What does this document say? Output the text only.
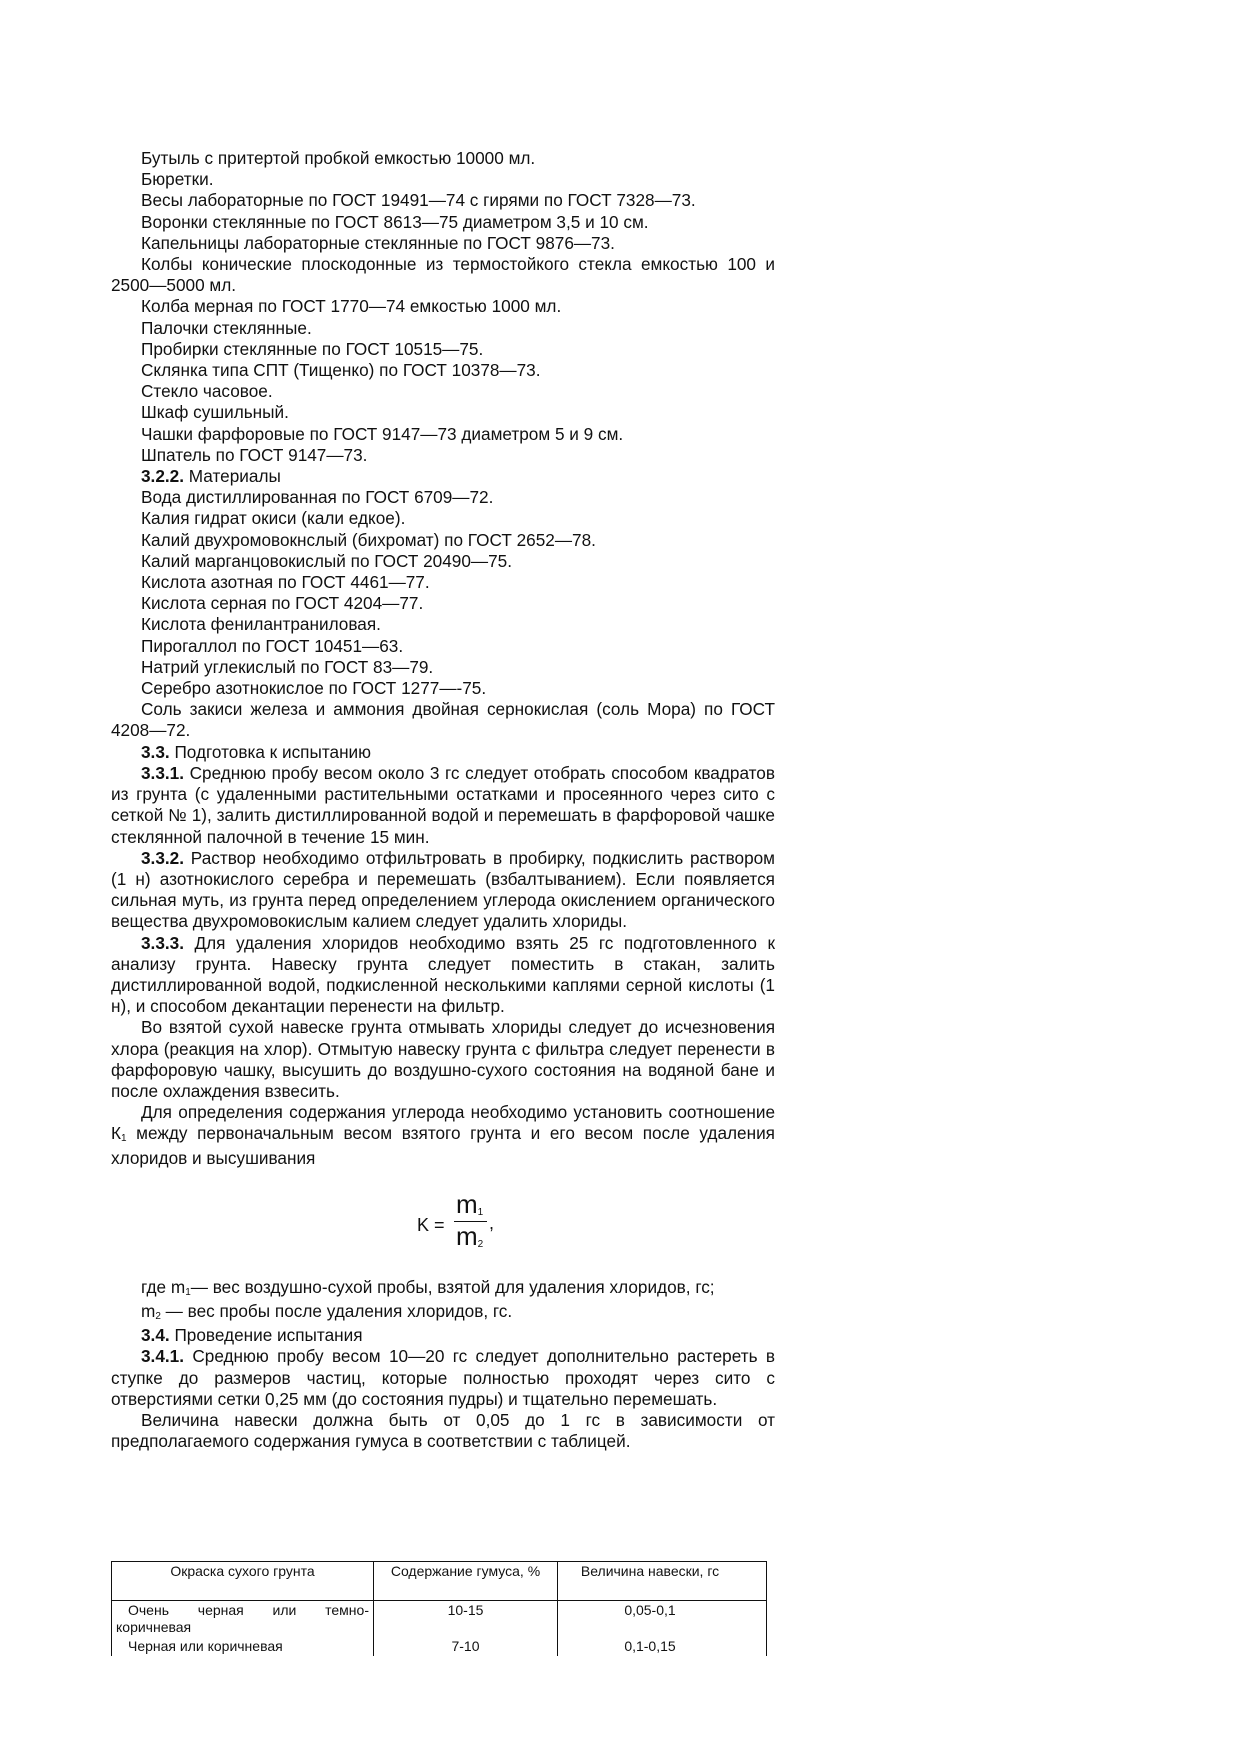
Бутыль с притертой пробкой емкостью 10000 мл.

Бюретки.

Весы лабораторные по ГОСТ 19491—74 с гирями по ГОСТ 7328—73.

Воронки стеклянные по ГОСТ 8613—75 диаметром 3,5 и 10 см.

Капельницы лабораторные стеклянные по ГОСТ 9876—73.

Колбы конические плоскодонные из термостойкого стекла емкостью 100 и 2500—5000 мл.

Колба мерная по ГОСТ 1770—74 емкостью 1000 мл.

Палочки стеклянные.

Пробирки стеклянные по ГОСТ 10515—75.

Склянка типа СПТ (Тищенко) по ГОСТ 10378—73.

Стекло часовое.

Шкаф сушильный.

Чашки фарфоровые по ГОСТ 9147—73 диаметром 5 и 9 см.

Шпатель по ГОСТ 9147—73.

3.2.2. Материалы

Вода дистиллированная по ГОСТ 6709—72.

Калия гидрат окиси (кали едкое).

Калий двухромовокнслый (бихромат) по ГОСТ 2652—78.

Калий марганцовокислый по ГОСТ 20490—75.

Кислота азотная по ГОСТ 4461—77.

Кислота серная по ГОСТ 4204—77.

Кислота фенилантраниловая.

Пирогаллол по ГОСТ 10451—63.

Натрий углекислый по ГОСТ 83—79.

Серебро азотнокислое по ГОСТ 1277—-75.

Соль закиси железа и аммония двойная сернокислая (соль Мора) по ГОСТ 4208—72.

3.3. Подготовка к испытанию

3.3.1. Среднюю пробу весом около 3 гс следует отобрать способом квадратов из грунта (с удаленными растительными остатками и просеянного через сито с сеткой № 1), залить дистиллированной водой и перемешать в фарфоровой чашке стеклянной палочной в течение 15 мин.

3.3.2. Раствор необходимо отфильтровать в пробирку, подкислить раствором (1 н) азотнокислого серебра и перемешать (взбалтыванием). Если появляется сильная муть, из грунта перед определением углерода окислением органического вещества двухромовокислым калием следует удалить хлориды.

3.3.3. Для удаления хлоридов необходимо взять 25 гс подготовленного к анализу грунта. Навеску грунта следует поместить в стакан, залить дистиллированной водой, подкисленной несколькими каплями серной кислоты (1 н), и способом декантации перенести на фильтр.

Во взятой сухой навеске грунта отмывать хлориды следует до исчезновения хлора (реакция на хлор). Отмытую навеску грунта с фильтра следует перенести в фарфоровую чашку, высушить до воздушно-сухого состояния на водяной бане и после охлаждения взвесить.

Для определения содержания углерода необходимо установить соотношение $К_1$ между первоначальным весом взятого грунта и его весом после удаления хлоридов и высушивания

K =
$m_1$
$m_2$
,

где $m_1—$ вес воздушно-сухой пробы, взятой для удаления хлоридов, гс;

$m_2$ — вес пробы после удаления хлоридов, гс.

3.4. Проведение испытания

3.4.1. Среднюю пробу весом 10—20 гс следует дополнительно растереть в ступке до размеров частиц, которые полностью проходят через сито с отверстиями сетки 0,25 мм (до состояния пудры) и тщательно перемешать.

Величина навески должна быть от 0,05 до 1 гс в зависимости от предполагаемого содержания гумуса в соответствии с таблицей.

Окраска сухого грунта	Содержание гумуса, %	Величина навески, гс
Очень черная или темно-коричневая	10-15	0,05-0,1
Черная или коричневая	7-10	0,1-0,15
